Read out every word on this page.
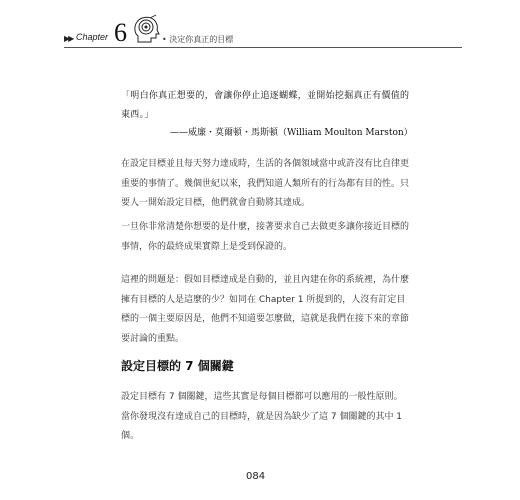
▶▶ Chapter 6	• 決定你真正的目標
「明白你真正想要的，會讓你停止追逐蝴蝶，並開始挖掘真正有價值的東西。」
——威廉・莫爾頓・馬斯頓（William Moulton Marston）

在設定目標並且每天努力達成時，生活的各個領域當中或許沒有比自律更重要的事情了。幾個世紀以來，我們知道人類所有的行為都有目的性。只要人一開始設定目標，他們就會自動將其達成。

一旦你非常清楚你想要的是什麼，接著要求自己去做更多讓你接近目標的事情，你的最終成果實際上是受到保證的。

這裡的問題是：假如目標達成是自動的，並且內建在你的系統裡，為什麼擁有目標的人是這麼的少？如同在 Chapter 1 所提到的，人沒有訂定目標的一個主要原因是，他們不知道要怎麼做，這就是我們在接下來的章節要討論的重點。

設定目標的 7 個關鍵

設定目標有 7 個關鍵，這些其實是每個目標都可以應用的一般性原則。當你發現沒有達成自己的目標時，就是因為缺少了這 7 個關鍵的其中 1 個。

084
